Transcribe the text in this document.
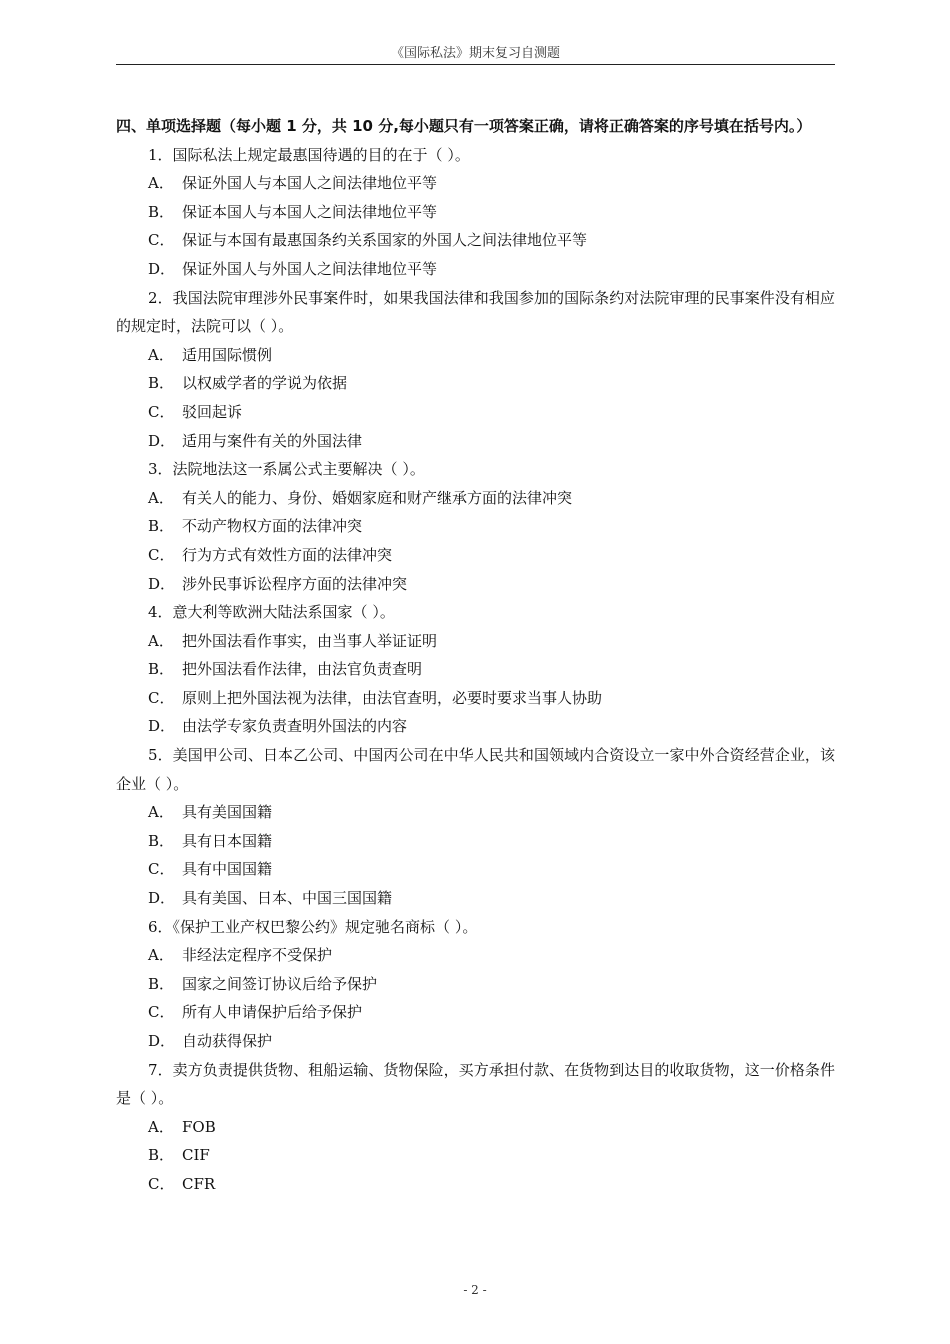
《国际私法》期末复习自测题

四、单项选择题（每小题 1 分，共 10 分,每小题只有一项答案正确，请将正确答案的序号填在括号内。）

1．国际私法上规定最惠国待遇的目的在于（ ）。

A． 保证外国人与本国人之间法律地位平等
B． 保证本国人与本国人之间法律地位平等
C． 保证与本国有最惠国条约关系国家的外国人之间法律地位平等
D． 保证外国人与外国人之间法律地位平等

2．我国法院审理涉外民事案件时，如果我国法律和我国参加的国际条约对法院审理的民事案件没有相应的规定时，法院可以（ ）。

A． 适用国际惯例
B． 以权威学者的学说为依据
C． 驳回起诉
D． 适用与案件有关的外国法律

3．法院地法这一系属公式主要解决（ ）。

A． 有关人的能力、身份、婚姻家庭和财产继承方面的法律冲突
B． 不动产物权方面的法律冲突
C． 行为方式有效性方面的法律冲突
D． 涉外民事诉讼程序方面的法律冲突

4．意大利等欧洲大陆法系国家（ ）。

A． 把外国法看作事实，由当事人举证证明
B． 把外国法看作法律，由法官负责查明
C． 原则上把外国法视为法律，由法官查明，必要时要求当事人协助
D． 由法学专家负责查明外国法的内容

5．美国甲公司、日本乙公司、中国丙公司在中华人民共和国领域内合资设立一家中外合资经营企业，该企业（ ）。

A． 具有美国国籍
B． 具有日本国籍
C． 具有中国国籍
D． 具有美国、日本、中国三国国籍

6．《保护工业产权巴黎公约》规定驰名商标（ ）。

A． 非经法定程序不受保护
B． 国家之间签订协议后给予保护
C． 所有人申请保护后给予保护
D． 自动获得保护

7．卖方负责提供货物、租船运输、货物保险，买方承担付款、在货物到达目的收取货物，这一价格条件是（ ）。

A． FOB
B． CIF
C． CFR
- 2 -
